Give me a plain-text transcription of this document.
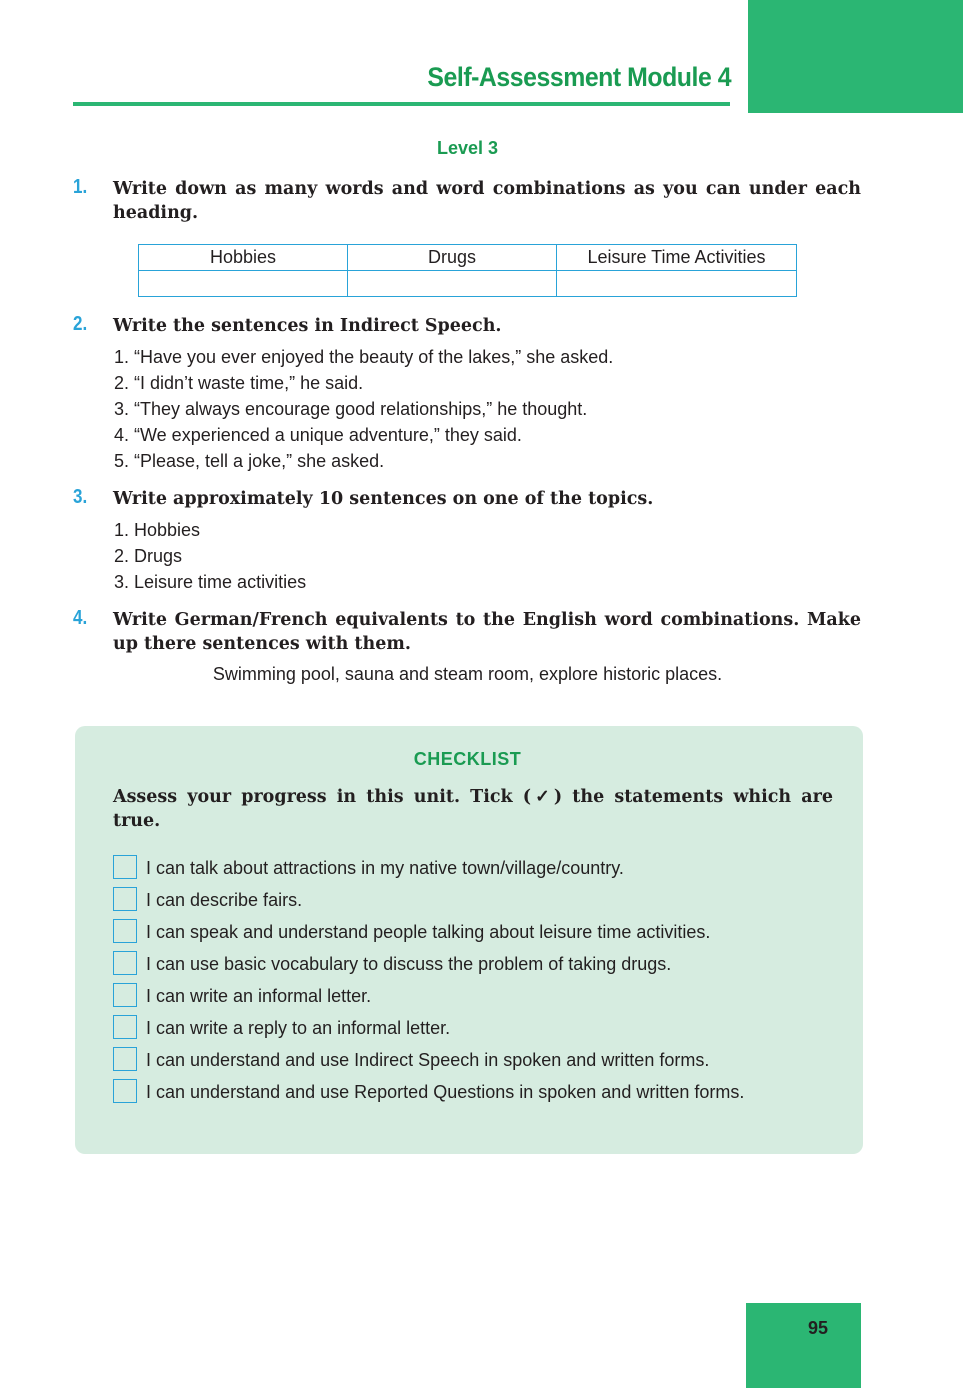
Self-Assessment Module 4
Level 3
1. Write down as many words and word combinations as you can under each heading.

Hobbies	Drugs	Leisure Time Activities

2. Write the sentences in Indirect Speech.

1. “Have you ever enjoyed the beauty of the lakes,” she asked.
2. “I didn’t waste time,” he said.
3. “They always encourage good relationships,” he thought.
4. “We experienced a unique adventure,” they said.
5. “Please, tell a joke,” she asked.
3. Write approximately 10 sentences on one of the topics.

1. Hobbies
2. Drugs
3. Leisure time activities
4. Write German/French equivalents to the English word combinations. Make up there sentences with them.

Swimming pool, sauna and steam room, explore historic places.
CHECKLIST

Assess your progress in this unit. Tick (✓) the statements which are true.

I can talk about attractions in my native town/village/country.
I can describe fairs.
I can speak and understand people talking about leisure time activities.
I can use basic vocabulary to discuss the problem of taking drugs.
I can write an informal letter.
I can write a reply to an informal letter.
I can understand and use Indirect Speech in spoken and written forms.
I can understand and use Reported Questions in spoken and written forms.
95
